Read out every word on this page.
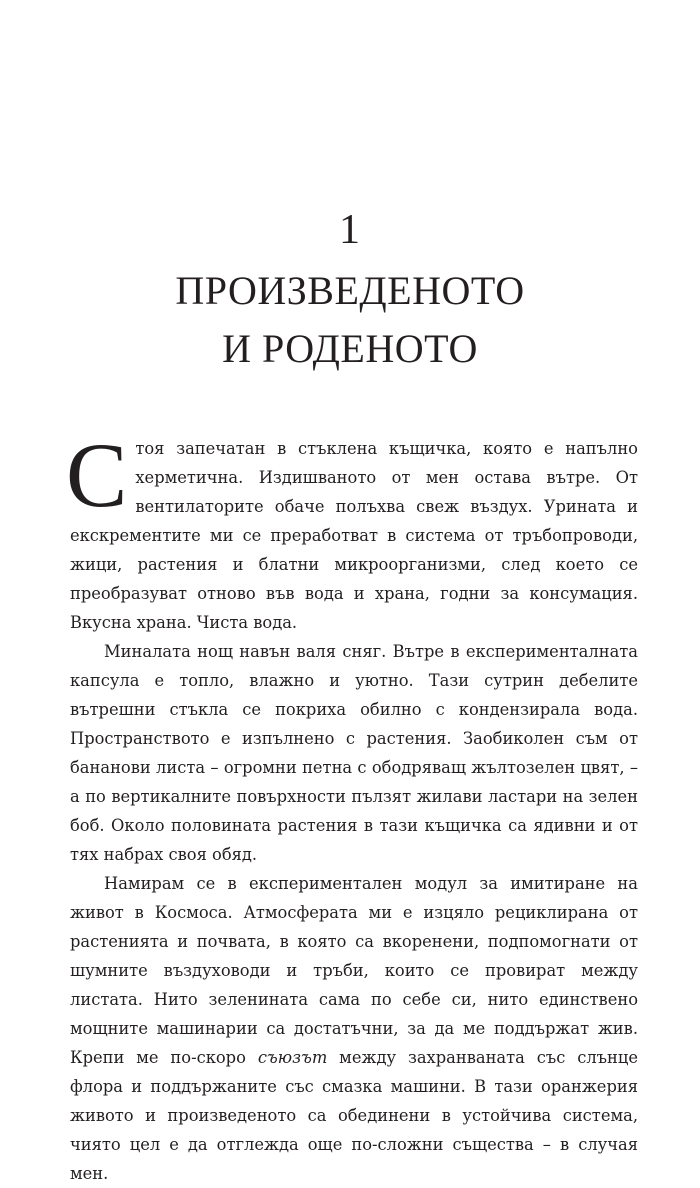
1
ПРОИЗВЕДЕНОТО
И РОДЕНОТО

Стоя запечатан в стъклена къщичка, която е напълно херметична. Издишваното от мен остава вътре. От вентилаторите обаче полъхва свеж въздух. Урината и екскрементите ми се преработват в система от тръбопроводи, жици, растения и блатни микроорганизми, след което се преобразуват отново във вода и храна, годни за консумация. Вкусна храна. Чиста вода.

Миналата нощ навън валя сняг. Вътре в експерименталната капсула е топло, влажно и уютно. Тази сутрин дебелите вътрешни стъкла се покриха обилно с кондензирала вода. Пространството е изпълнено с растения. Заобиколен съм от бананови листа – огромни петна с ободряващ жълтозелен цвят, – а по вертикалните повърхности пълзят жилави ластари на зелен боб. Около половината растения в тази къщичка са ядивни и от тях набрах своя обяд.

Намирам се в експериментален модул за имитиране на живот в Космоса. Атмосферата ми е изцяло рециклирана от растенията и почвата, в която са вкоренени, подпомогнати от шумните въздуховоди и тръби, които се провират между листата. Нито зеленината сама по себе си, нито единствено мощните машинарии са достатъчни, за да ме поддържат жив. Крепи ме по-скоро съюзът между захранваната със слънце флора и поддържаните със смазка машини. В тази оранжерия живото и произведеното са обединени в устойчива система, чиято цел е да отглежда още по-сложни същества – в случая мен.
